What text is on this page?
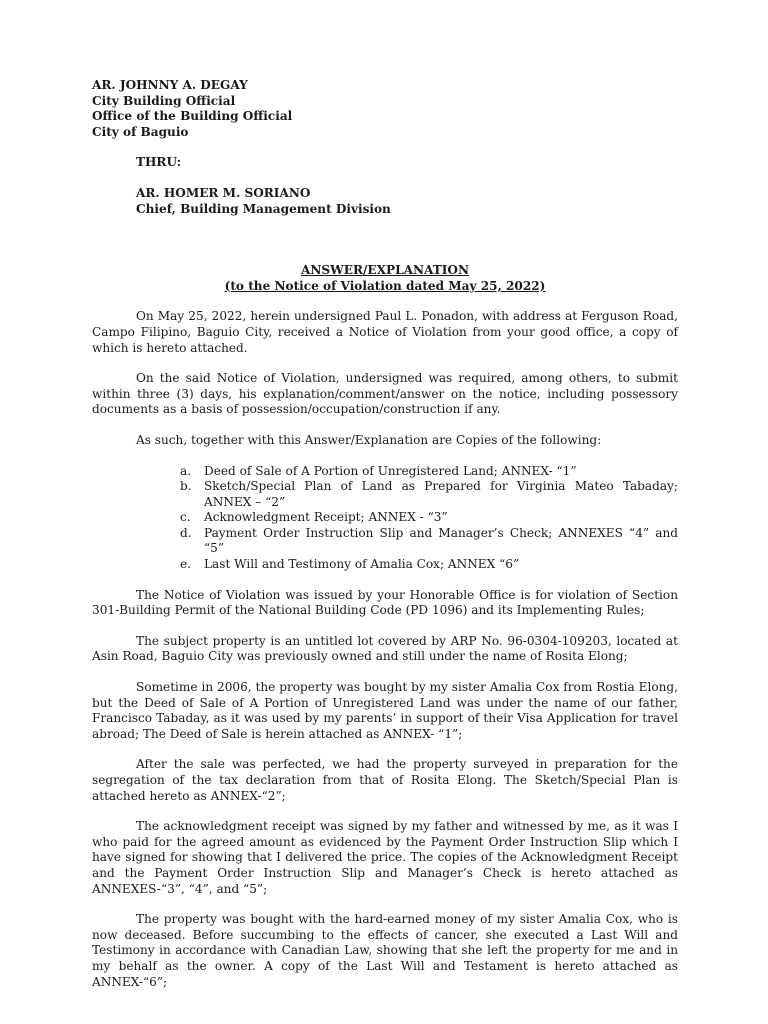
AR. JOHNNY A. DEGAY
City Building Official
Office of the Building Official
City of Baguio
THRU:
AR. HOMER M. SORIANO
Chief, Building Management Division
ANSWER/EXPLANATION
(to the Notice of Violation dated May 25, 2022)

On May 25, 2022, herein undersigned Paul L. Ponadon, with address at Ferguson Road, Campo Filipino, Baguio City, received a Notice of Violation from your good office, a copy of which is hereto attached.

On the said Notice of Violation, undersigned was required, among others, to submit within three (3) days, his explanation/comment/answer on the notice, including possessory documents as a basis of possession/occupation/construction if any.

As such, together with this Answer/Explanation are Copies of the following:

a. Deed of Sale of A Portion of Unregistered Land; ANNEX- “1”
b. Sketch/Special Plan of Land as Prepared for Virginia Mateo Tabaday; ANNEX – “2”
c. Acknowledgment Receipt; ANNEX - “3”
d. Payment Order Instruction Slip and Manager’s Check; ANNEXES “4” and “5”
e. Last Will and Testimony of Amalia Cox; ANNEX “6”

The Notice of Violation was issued by your Honorable Office is for violation of Section 301-Building Permit of the National Building Code (PD 1096) and its Implementing Rules;

The subject property is an untitled lot covered by ARP No. 96-0304-109203, located at Asin Road, Baguio City was previously owned and still under the name of Rosita Elong;

Sometime in 2006, the property was bought by my sister Amalia Cox from Rostia Elong, but the Deed of Sale of A Portion of Unregistered Land was under the name of our father, Francisco Tabaday, as it was used by my parents’ in support of their Visa Application for travel abroad; The Deed of Sale is herein attached as ANNEX- “1”;

After the sale was perfected, we had the property surveyed in preparation for the segregation of the tax declaration from that of Rosita Elong. The Sketch/Special Plan is attached hereto as ANNEX-“2”;

The acknowledgment receipt was signed by my father and witnessed by me, as it was I who paid for the agreed amount as evidenced by the Payment Order Instruction Slip which I have signed for showing that I delivered the price. The copies of the Acknowledgment Receipt and the Payment Order Instruction Slip and Manager’s Check is hereto attached as ANNEXES-“3”, “4”, and “5”;

The property was bought with the hard-earned money of my sister Amalia Cox, who is now deceased. Before succumbing to the effects of cancer, she executed a Last Will and Testimony in accordance with Canadian Law, showing that she left the property for me and in my behalf as the owner. A copy of the Last Will and Testament is hereto attached as ANNEX-“6”;
